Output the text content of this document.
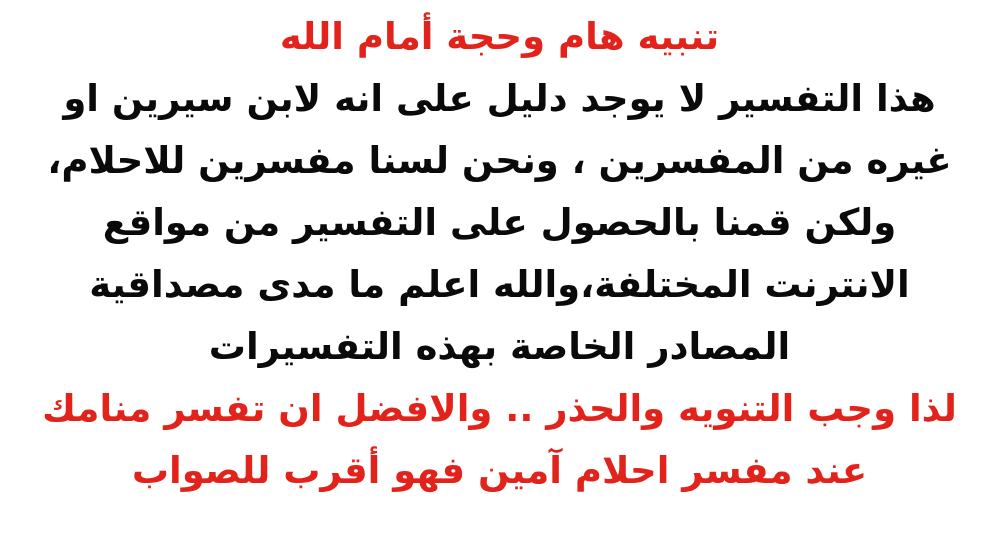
تنبيه هام وحجة أمام الله
هذا التفسير لا يوجد دليل على انه لابن سيرين او
غيره من المفسرين ، ونحن لسنا مفسرين للاحلام،
ولكن قمنا بالحصول على التفسير من مواقع
الانترنت المختلفة،والله اعلم ما مدى مصداقية
المصادر الخاصة بهذه التفسيرات
لذا وجب التنويه والحذر .. والافضل ان تفسر منامك
عند مفسر احلام آمين فهو أقرب للصواب
